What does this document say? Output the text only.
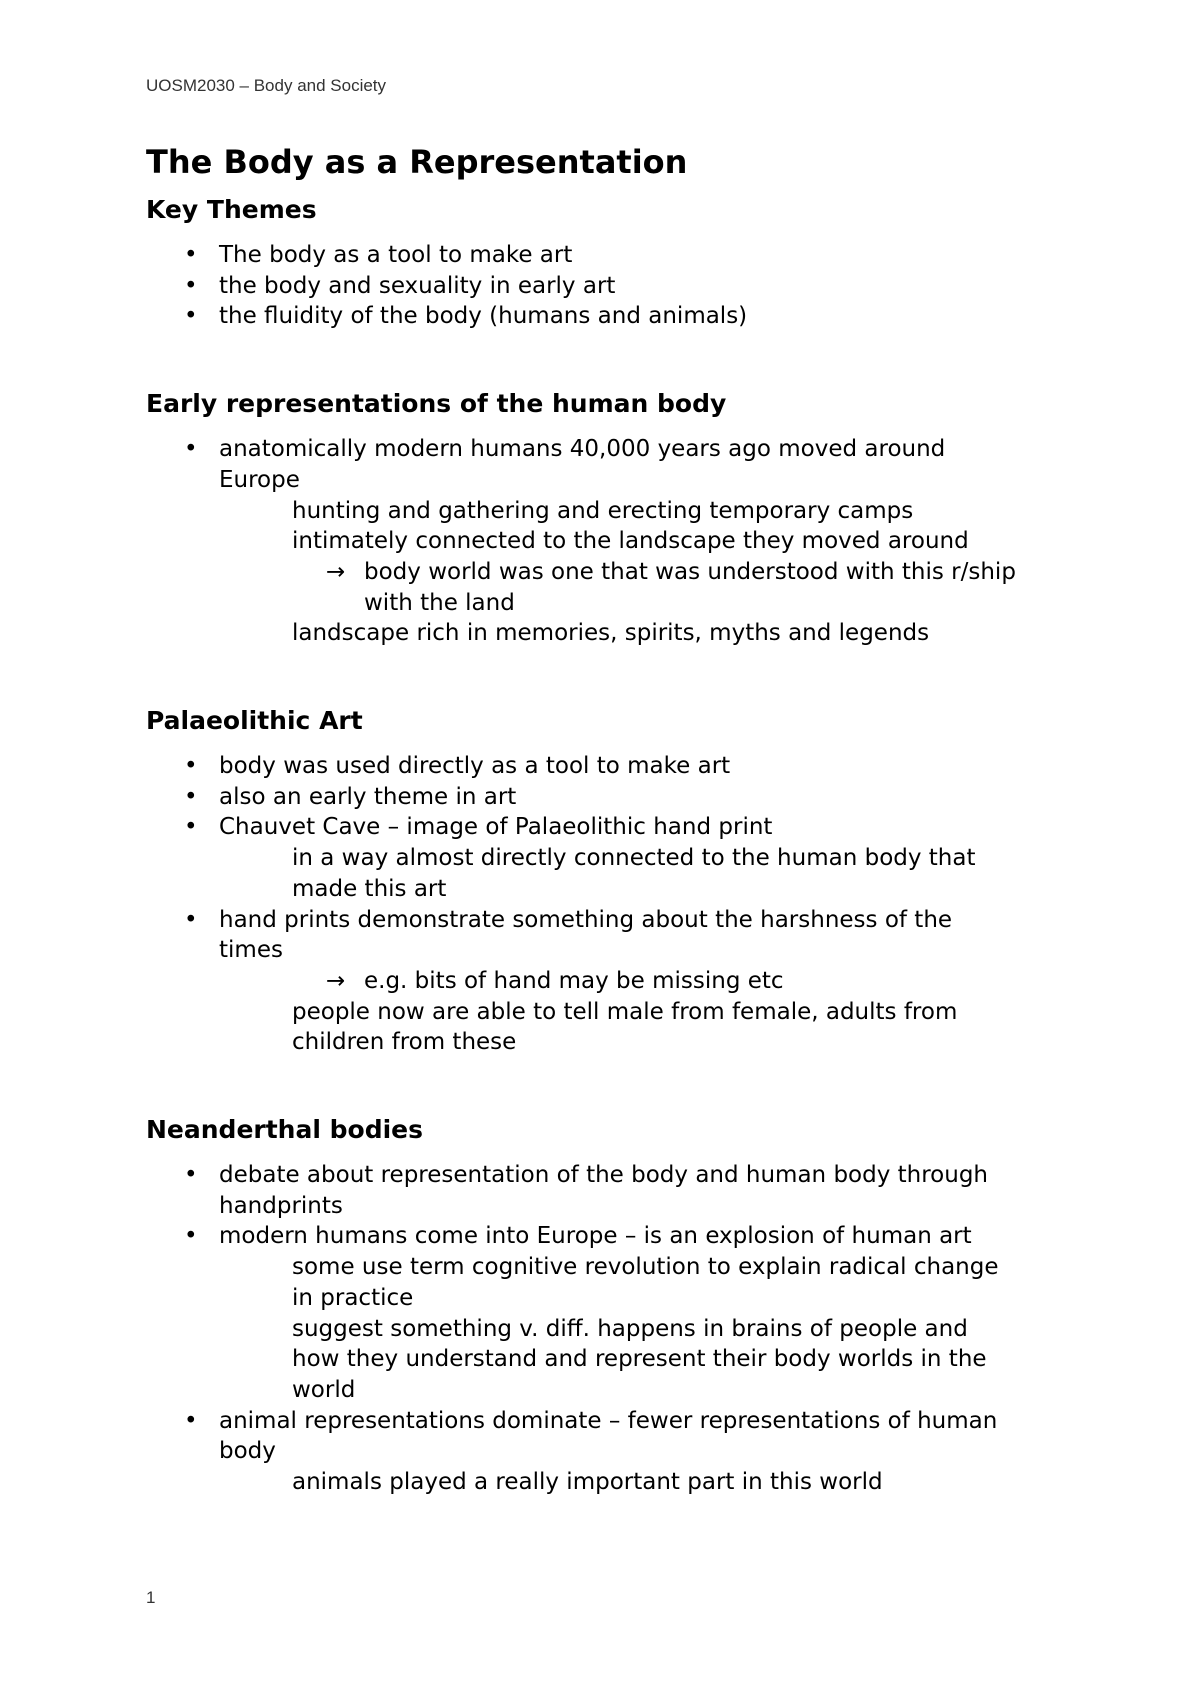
UOSM2030 – Body and Society
The Body as a Representation
Key Themes
• The body as a tool to make art
• the body and sexuality in early art
• the fluidity of the body (humans and animals)
Early representations of the human body
• anatomically modern humans 40,000 years ago moved around
Europe
hunting and gathering and erecting temporary camps
intimately connected to the landscape they moved around
→ body world was one that was understood with this r/ship
with the land
landscape rich in memories, spirits, myths and legends
Palaeolithic Art
• body was used directly as a tool to make art
• also an early theme in art
• Chauvet Cave – image of Palaeolithic hand print
in a way almost directly connected to the human body that
made this art
• hand prints demonstrate something about the harshness of the
times
→ e.g. bits of hand may be missing etc
people now are able to tell male from female, adults from
children from these
Neanderthal bodies
• debate about representation of the body and human body through
handprints
• modern humans come into Europe – is an explosion of human art
some use term cognitive revolution to explain radical change
in practice
suggest something v. diff. happens in brains of people and
how they understand and represent their body worlds in the
world
• animal representations dominate – fewer representations of human
body
animals played a really important part in this world
1
